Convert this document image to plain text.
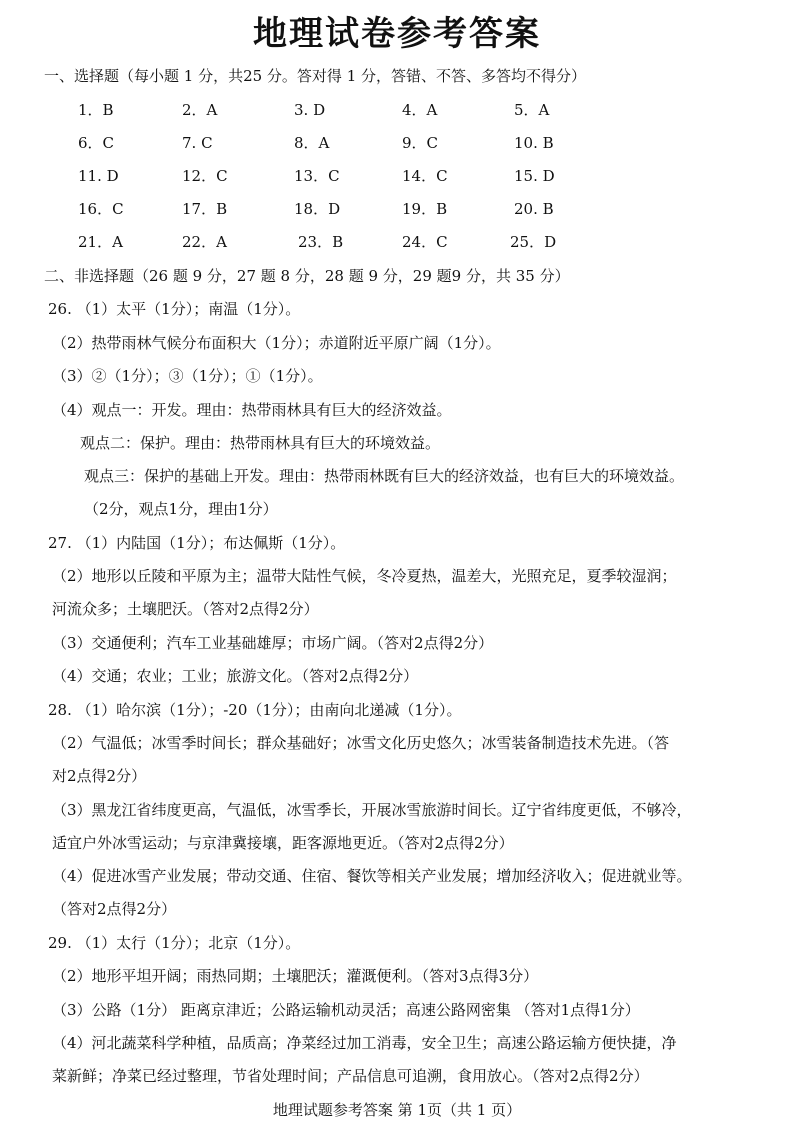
地理试卷参考答案
一、选择题（每小题 1 分，共25 分。答对得 1 分，答错、不答、多答均不得分）
1．B	2．A	3. D	4．A	5．A
6．C	7. C	8．A	9．C	10. B
11. D	12．C	13．C	14．C	15. D
16．C	17．B	18．D	19．B	20. B
21．A	22．A	23．B	24．C	25．D
二、非选择题（26 题 9 分，27 题 8 分，28 题 9 分，29 题9 分，共 35 分）
26. （1）太平（1分）；南温（1分）。
（2）热带雨林气候分布面积大（1分）；赤道附近平原广阔（1分）。
（3）②（1分）；③（1分）；①（1分）。
（4）观点一：开发。理由：热带雨林具有巨大的经济效益。
观点二：保护。理由：热带雨林具有巨大的环境效益。
观点三：保护的基础上开发。理由：热带雨林既有巨大的经济效益，也有巨大的环境效益。
（2分，观点1分，理由1分）
27. （1）内陆国（1分）；布达佩斯（1分）。
（2）地形以丘陵和平原为主；温带大陆性气候，冬冷夏热，温差大，光照充足，夏季较湿润；
河流众多；土壤肥沃。（答对2点得2分）
（3）交通便利；汽车工业基础雄厚；市场广阔。（答对2点得2分）
（4）交通；农业；工业；旅游文化。（答对2点得2分）
28. （1）哈尔滨（1分）；-20（1分）；由南向北递减（1分）。
（2）气温低；冰雪季时间长；群众基础好；冰雪文化历史悠久；冰雪装备制造技术先进。（答
对2点得2分）
（3）黑龙江省纬度更高，气温低，冰雪季长，开展冰雪旅游时间长。辽宁省纬度更低，不够冷，
适宜户外冰雪运动；与京津冀接壤，距客源地更近。（答对2点得2分）
（4）促进冰雪产业发展；带动交通、住宿、餐饮等相关产业发展；增加经济收入；促进就业等。
（答对2点得2分）
29. （1）太行（1分）；北京（1分）。
（2）地形平坦开阔；雨热同期；土壤肥沃；灌溉便利。（答对3点得3分）
（3）公路（1分） 距离京津近；公路运输机动灵活；高速公路网密集 （答对1点得1分）
（4）河北蔬菜科学种植，品质高；净菜经过加工消毒，安全卫生；高速公路运输方便快捷，净
菜新鲜；净菜已经过整理，节省处理时间；产品信息可追溯，食用放心。（答对2点得2分）
地理试题参考答案 第 1页（共 1 页）
